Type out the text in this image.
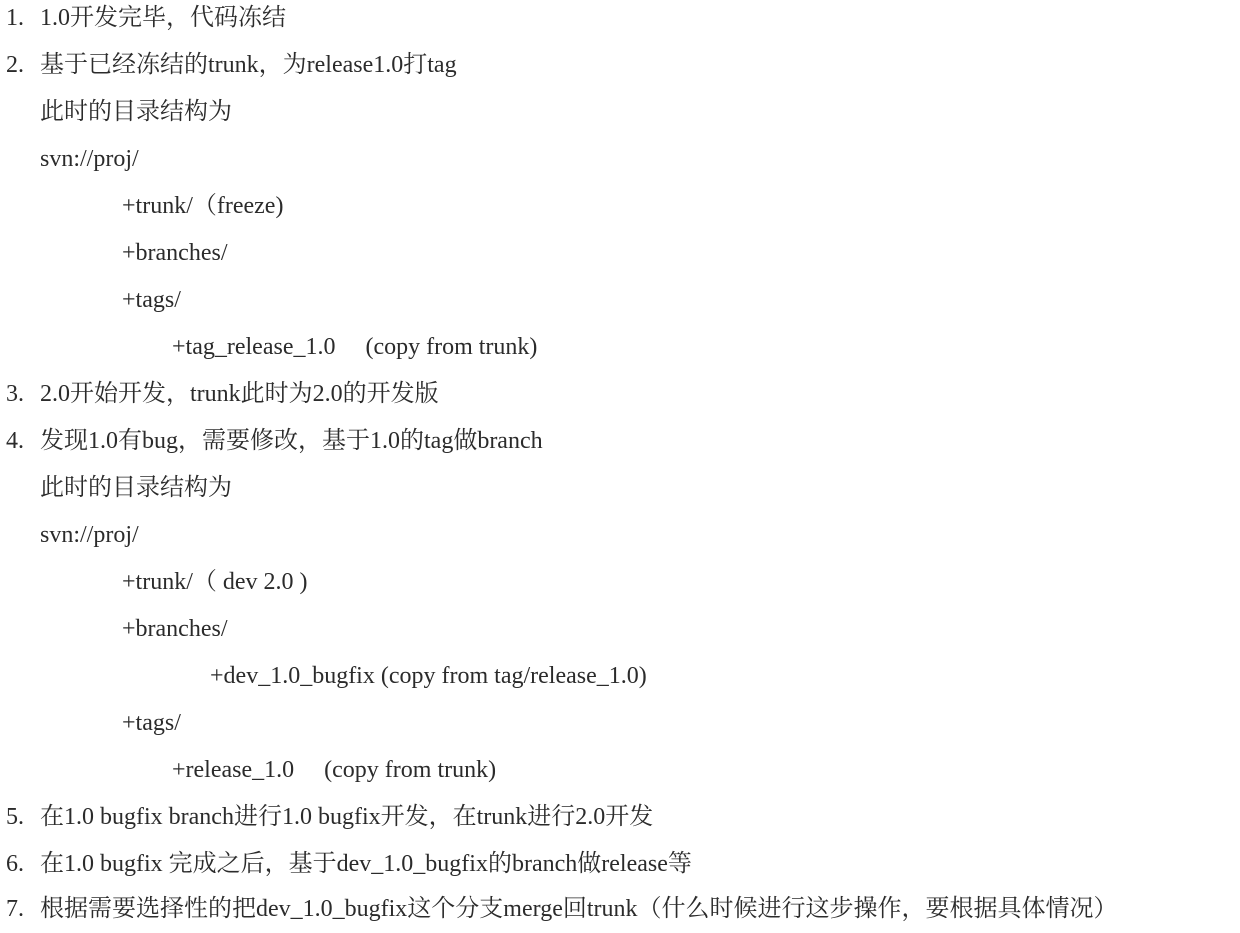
1. 1.0开发完毕，代码冻结
2. 基于已经冻结的trunk，为release1.0打tag
此时的目录结构为
svn://proj/
+trunk/（freeze)
+branches/
+tags/
+tag_release_1.0 　(copy from trunk)
3. 2.0开始开发，trunk此时为2.0的开发版
4. 发现1.0有bug，需要修改，基于1.0的tag做branch
此时的目录结构为
svn://proj/
+trunk/（ dev 2.0 )
+branches/
+dev_1.0_bugfix (copy from tag/release_1.0)
+tags/
+release_1.0 　(copy from trunk)
5. 在1.0 bugfix branch进行1.0 bugfix开发，在trunk进行2.0开发
6. 在1.0 bugfix 完成之后，基于dev_1.0_bugfix的branch做release等
7. 根据需要选择性的把dev_1.0_bugfix这个分支merge回trunk（什么时候进行这步操作，要根据具体情况）
